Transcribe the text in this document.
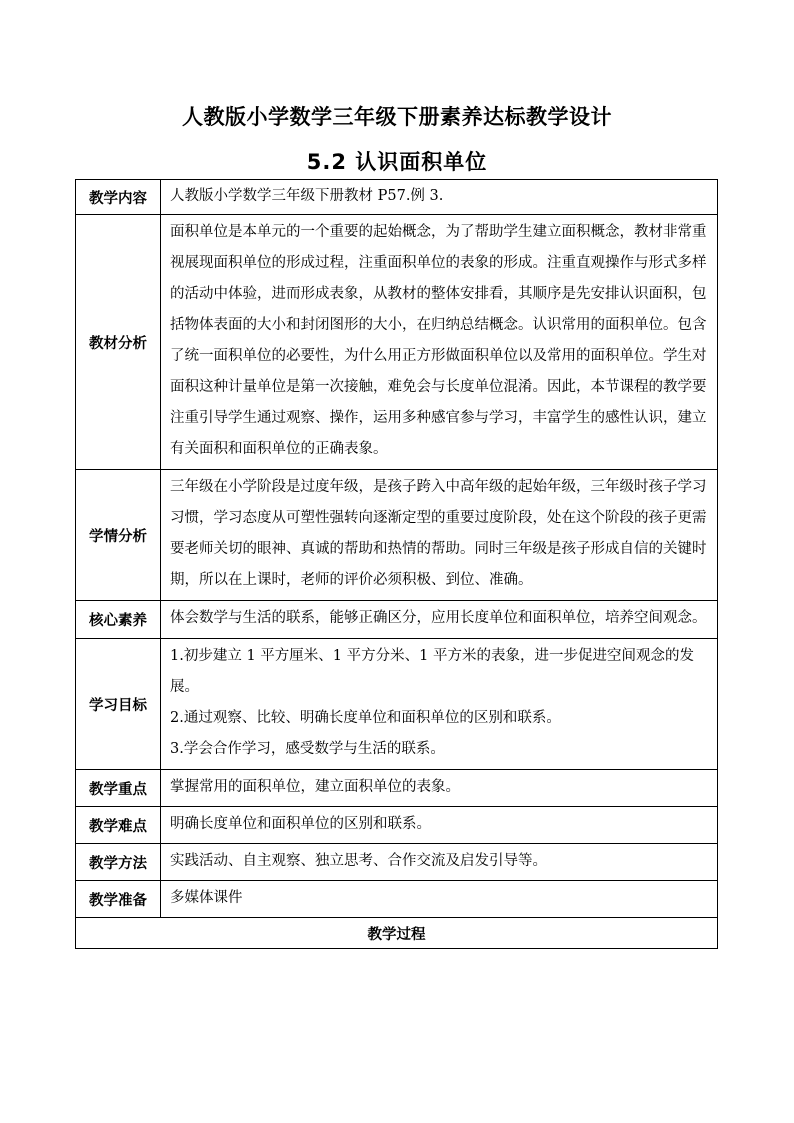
人教版小学数学三年级下册素养达标教学设计
5.2 认识面积单位
教学内容	人教版小学数学三年级下册教材 P57.例 3.
教材分析	面积单位是本单元的一个重要的起始概念，为了帮助学生建立面积概念，教材非常重视展现面积单位的形成过程，注重面积单位的表象的形成。注重直观操作与形式多样的活动中体验，进而形成表象，从教材的整体安排看，其顺序是先安排认识面积，包括物体表面的大小和封闭图形的大小，在归纳总结概念。认识常用的面积单位。包含了统一面积单位的必要性，为什么用正方形做面积单位以及常用的面积单位。学生对面积这种计量单位是第一次接触，难免会与长度单位混淆。因此，本节课程的教学要注重引导学生通过观察、操作，运用多种感官参与学习，丰富学生的感性认识，建立有关面积和面积单位的正确表象。
学情分析	三年级在小学阶段是过度年级，是孩子跨入中高年级的起始年级，三年级时孩子学习习惯，学习态度从可塑性强转向逐渐定型的重要过度阶段，处在这个阶段的孩子更需要老师关切的眼神、真诚的帮助和热情的帮助。同时三年级是孩子形成自信的关键时期，所以在上课时，老师的评价必须积极、到位、准确。
核心素养	体会数学与生活的联系，能够正确区分，应用长度单位和面积单位，培养空间观念。
学习目标	1.初步建立 1 平方厘米、1 平方分米、1 平方米的表象，进一步促进空间观念的发展。

2.通过观察、比较、明确长度单位和面积单位的区别和联系。

3.学会合作学习，感受数学与生活的联系。

教学重点	掌握常用的面积单位，建立面积单位的表象。
教学难点	明确长度单位和面积单位的区别和联系。
教学方法	实践活动、自主观察、独立思考、合作交流及启发引导等。
教学准备	多媒体课件
教学过程	
